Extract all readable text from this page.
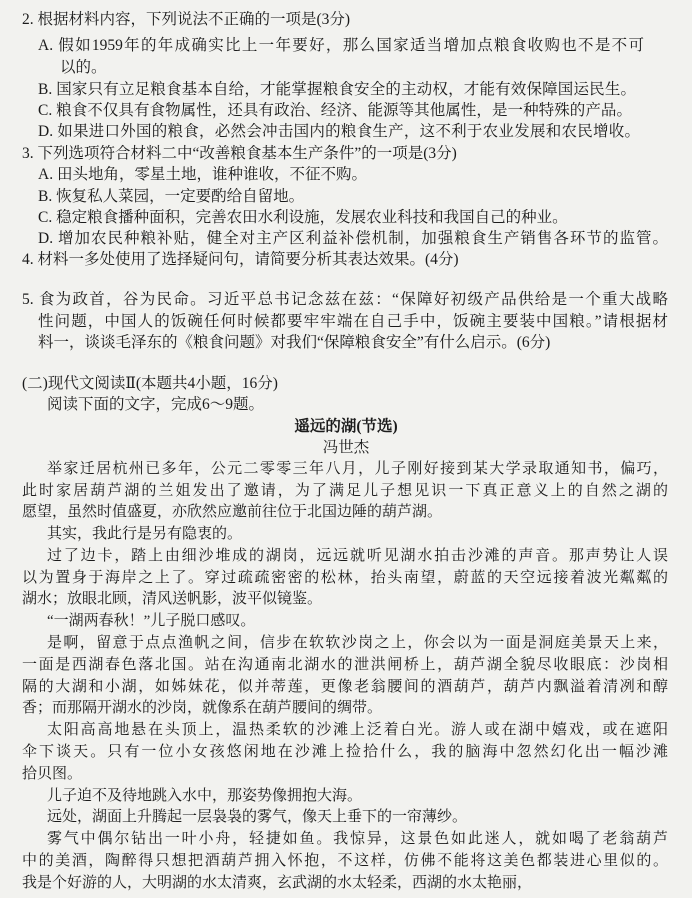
2. 根据材料内容，下列说法不正确的一项是(3分)
A. 假如1959年的年成确实比上一年要好，那么国家适当增加点粮食收购也不是不可
以的。
B. 国家只有立足粮食基本自给，才能掌握粮食安全的主动权，才能有效保障国运民生。
C. 粮食不仅具有食物属性，还具有政治、经济、能源等其他属性，是一种特殊的产品。
D. 如果进口外国的粮食，必然会冲击国内的粮食生产，这不利于农业发展和农民增收。
3. 下列选项符合材料二中“改善粮食基本生产条件”的一项是(3分)
A. 田头地角，零星土地，谁种谁收，不征不购。
B. 恢复私人菜园，一定要酌给自留地。
C. 稳定粮食播种面积，完善农田水利设施，发展农业科技和我国自己的种业。
D. 增加农民种粮补贴，健全对主产区利益补偿机制，加强粮食生产销售各环节的监管。
4. 材料一多处使用了选择疑问句，请简要分析其表达效果。(4分)
5. 食为政首，谷为民命。习近平总书记念兹在兹：“保障好初级产品供给是一个重大战略
性问题，中国人的饭碗任何时候都要牢牢端在自己手中，饭碗主要装中国粮。”请根据材
料一，谈谈毛泽东的《粮食问题》对我们“保障粮食安全”有什么启示。(6分)
(二)现代文阅读Ⅱ(本题共4小题，16分)
阅读下面的文字，完成6～9题。
遥远的湖(节选)
冯世杰
举家迁居杭州已多年，公元二零零三年八月，儿子刚好接到某大学录取通知书，偏巧，
此时家居葫芦湖的兰姐发出了邀请，为了满足儿子想见识一下真正意义上的自然之湖的
愿望，虽然时值盛夏，亦欣然应邀前往位于北国边陲的葫芦湖。
其实，我此行是另有隐衷的。
过了边卡，踏上由细沙堆成的湖岗，远远就听见湖水拍击沙滩的声音。那声势让人误
以为置身于海岸之上了。穿过疏疏密密的松林，抬头南望，蔚蓝的天空远接着波光粼粼的
湖水；放眼北顾，清风送帆影，波平似镜鉴。
“一湖两春秋！”儿子脱口感叹。
是啊，留意于点点渔帆之间，信步在软软沙岗之上，你会以为一面是洞庭美景天上来，
一面是西湖春色落北国。站在沟通南北湖水的泄洪闸桥上，葫芦湖全貌尽收眼底：沙岗相
隔的大湖和小湖，如姊妹花，似并蒂莲，更像老翁腰间的酒葫芦，葫芦内飘溢着清冽和醇
香；而那隔开湖水的沙岗，就像系在葫芦腰间的绸带。
太阳高高地悬在头顶上，温热柔软的沙滩上泛着白光。游人或在湖中嬉戏，或在遮阳
伞下谈天。只有一位小女孩悠闲地在沙滩上捡拾什么，我的脑海中忽然幻化出一幅沙滩
拾贝图。
儿子迫不及待地跳入水中，那姿势像拥抱大海。
远处，湖面上升腾起一层袅袅的雾气，像天上垂下的一帘薄纱。
雾气中偶尔钻出一叶小舟，轻捷如鱼。我惊异，这景色如此迷人，就如喝了老翁葫芦
中的美酒，陶醉得只想把酒葫芦拥入怀抱，不这样，仿佛不能将这美色都装进心里似的。
我是个好游的人，大明湖的水太清爽，玄武湖的水太轻柔，西湖的水太艳丽，
